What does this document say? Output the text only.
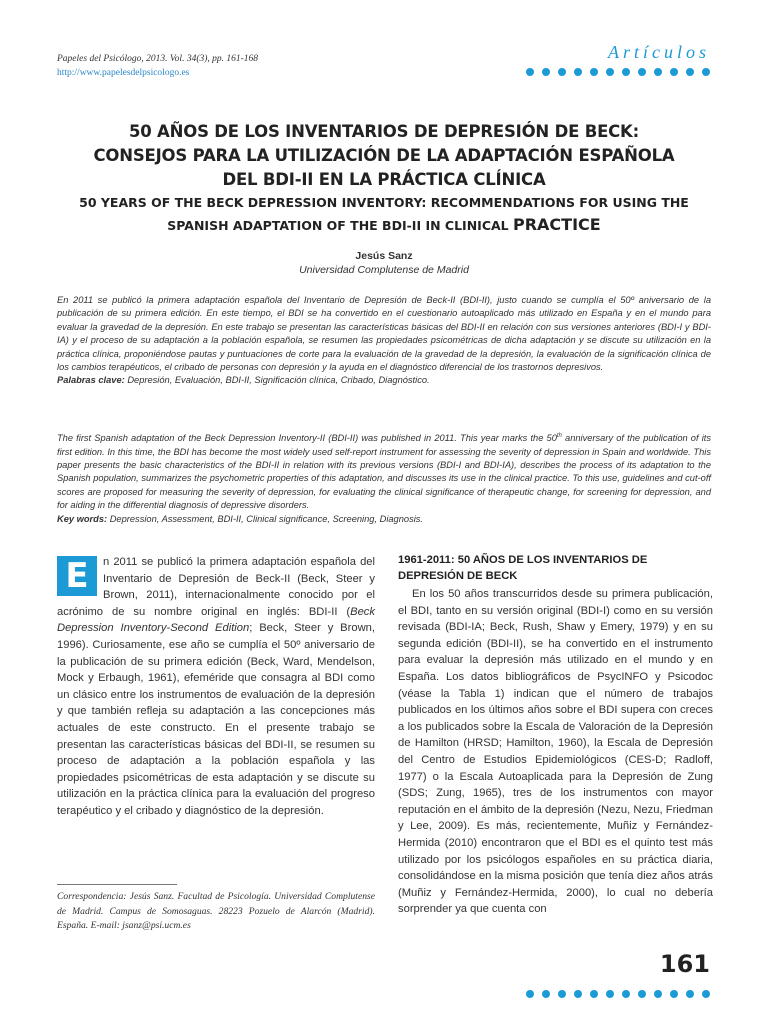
Papeles del Psicólogo, 2013. Vol. 34(3), pp. 161-168
http://www.papelesdelpsicologo.es
Artículos
50 AÑOS DE LOS INVENTARIOS DE DEPRESIÓN DE BECK:
CONSEJOS PARA LA UTILIZACIÓN DE LA ADAPTACIÓN ESPAÑOLA
DEL BDI-II EN LA PRÁCTICA CLÍNICA
50 YEARS OF THE BECK DEPRESSION INVENTORY: RECOMMENDATIONS FOR USING THE
SPANISH ADAPTATION OF THE BDI-II IN CLINICAL PRACTICE
Jesús Sanz
Universidad Complutense de Madrid
En 2011 se publicó la primera adaptación española del Inventario de Depresión de Beck-II (BDI-II), justo cuando se cumplía el 50º aniversario de la publicación de su primera edición. En este tiempo, el BDI se ha convertido en el cuestionario autoaplicado más utilizado en España y en el mundo para evaluar la gravedad de la depresión. En este trabajo se presentan las características básicas del BDI-II en relación con sus versiones anteriores (BDI-I y BDI-IA) y el proceso de su adaptación a la población española, se resumen las propiedades psicométricas de dicha adaptación y se discute su utilización en la práctica clínica, proponiéndose pautas y puntuaciones de corte para la evaluación de la gravedad de la depresión, la evaluación de la significación clínica de los cambios terapéuticos, el cribado de personas con depresión y la ayuda en el diagnóstico diferencial de los trastornos depresivos.
Palabras clave: Depresión, Evaluación, BDI-II, Significación clínica, Cribado, Diagnóstico.
The first Spanish adaptation of the Beck Depression Inventory-II (BDI-II) was published in 2011. This year marks the 50th anniversary of the publication of its first edition. In this time, the BDI has become the most widely used self-report instrument for assessing the severity of depression in Spain and worldwide. This paper presents the basic characteristics of the BDI-II in relation with its previous versions (BDI-I and BDI-IA), describes the process of its adaptation to the Spanish population, summarizes the psychometric properties of this adaptation, and discusses its use in the clinical practice. To this use, guidelines and cut-off scores are proposed for measuring the severity of depression, for evaluating the clinical significance of therapeutic change, for screening for depression, and for aiding in the differential diagnosis of depressive disorders.
Key words: Depression, Assessment, BDI-II, Clinical significance, Screening, Diagnosis.
E	n 2011 se publicó la primera adaptación española del Inventario de Depresión de Beck-II (Beck, Steer y Brown, 2011), internacionalmente conocido por el acrónimo de su nombre original en inglés: BDI-II (Beck Depression Inventory-Second Edition; Beck, Steer y Brown, 1996). Curiosamente, ese año se cumplía el 50º aniversario de la publicación de su primera edición (Beck, Ward, Mendelson, Mock y Erbaugh, 1961), efeméride que consagra al BDI como un clásico entre los instrumentos de evaluación de la depresión y que también refleja su adaptación a las concepciones más actuales de este constructo. En el presente trabajo se presentan las características básicas del BDI-II, se resumen su proceso de adaptación a la población española y las propiedades psicométricas de esta adaptación y se discute su utilización en la práctica clínica para la evaluación del progreso terapéutico y el cribado y diagnóstico de la depresión.
Correspondencia: Jesús Sanz. Facultad de Psicología. Universidad Complutense de Madrid. Campus de Somosaguas. 28223 Pozuelo de Alarcón (Madrid). España. E-mail: jsanz@psi.ucm.es
1961-2011: 50 AÑOS DE LOS INVENTARIOS DE DEPRESIÓN DE BECK
En los 50 años transcurridos desde su primera publicación, el BDI, tanto en su versión original (BDI-I) como en su versión revisada (BDI-IA; Beck, Rush, Shaw y Emery, 1979) y en su segunda edición (BDI-II), se ha convertido en el instrumento para evaluar la depresión más utilizado en el mundo y en España. Los datos bibliográficos de PsycINFO y Psicodoc (véase la Tabla 1) indican que el número de trabajos publicados en los últimos años sobre el BDI supera con creces a los publicados sobre la Escala de Valoración de la Depresión de Hamilton (HRSD; Hamilton, 1960), la Escala de Depresión del Centro de Estudios Epidemiológicos (CES-D; Radloff, 1977) o la Escala Autoaplicada para la Depresión de Zung (SDS; Zung, 1965), tres de los instrumentos con mayor reputación en el ámbito de la depresión (Nezu, Nezu, Friedman y Lee, 2009). Es más, recientemente, Muñiz y Fernández-Hermida (2010) encontraron que el BDI es el quinto test más utilizado por los psicólogos españoles en su práctica diaria, consolidándose en la misma posición que tenía diez años atrás (Muñiz y Fernández-Hermida, 2000), lo cual no debería sorprender ya que cuenta con
161
